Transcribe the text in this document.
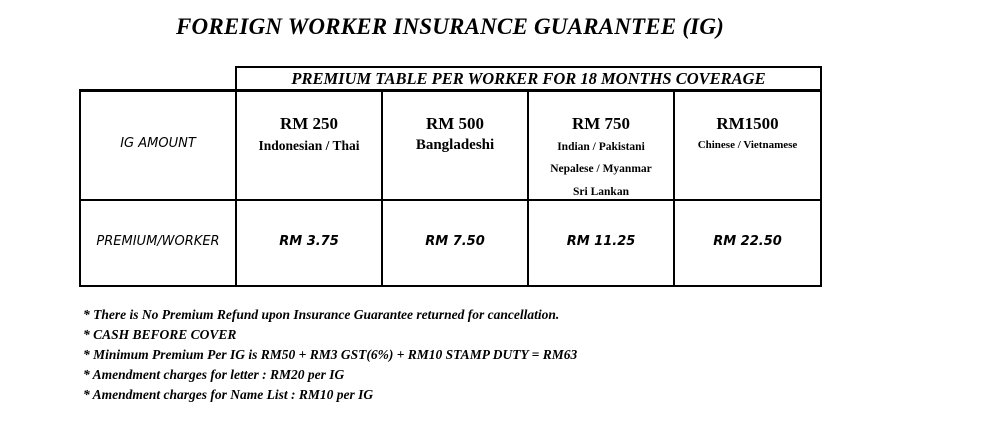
FOREIGN WORKER INSURANCE GUARANTEE (IG)
PREMIUM TABLE PER WORKER FOR 18 MONTHS COVERAGE
IG AMOUNT
PREMIUM/WORKER
RM 250
Indonesian / Thai
RM 3.75
RM 500
Bangladeshi
RM 7.50
RM 750
Indian / Pakistani
Nepalese / Myanmar
Sri Lankan
RM 11.25
RM1500
Chinese / Vietnamese
RM 22.50
* There is No Premium Refund upon Insurance Guarantee returned for cancellation.
* CASH BEFORE COVER
* Minimum Premium Per IG is RM50 + RM3 GST(6%) + RM10 STAMP DUTY = RM63
* Amendment charges for letter : RM20 per IG
* Amendment charges for Name List : RM10 per IG
